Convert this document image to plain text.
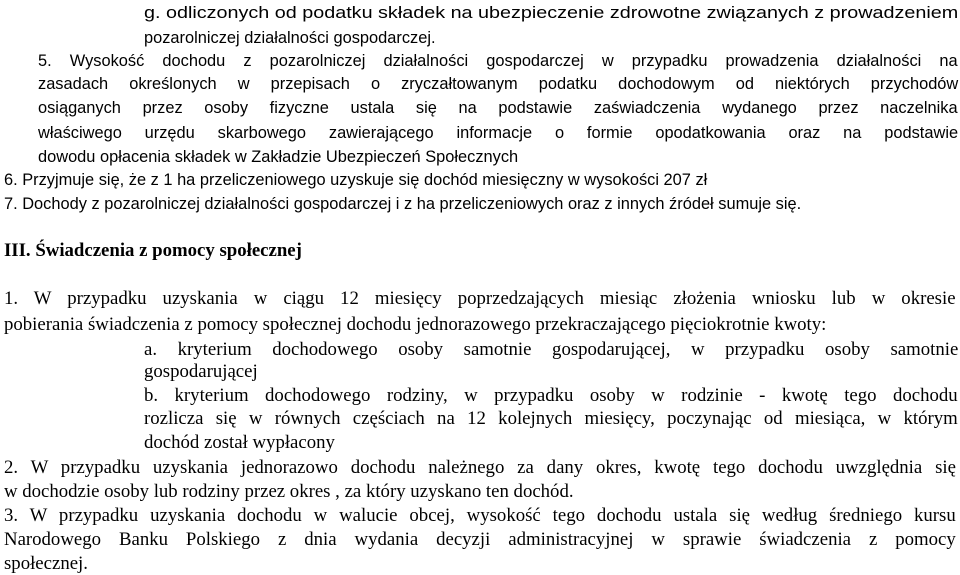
g. odliczonych od podatku składek na ubezpieczenie zdrowotne związanych z prowadzeniem
pozarolniczej działalności gospodarczej.
5. Wysokość dochodu z pozarolniczej działalności gospodarczej w przypadku prowadzenia działalności na
zasadach określonych w przepisach o zryczałtowanym podatku dochodowym od niektórych przychodów
osiąganych przez osoby fizyczne ustala się na podstawie zaświadczenia wydanego przez naczelnika
właściwego urzędu skarbowego zawierającego informacje o formie opodatkowania oraz na podstawie
dowodu opłacenia składek w Zakładzie Ubezpieczeń Społecznych
6. Przyjmuje się, że z 1 ha przeliczeniowego uzyskuje się dochód miesięczny w wysokości 207 zł
7. Dochody z pozarolniczej działalności gospodarczej i z ha przeliczeniowych oraz z innych źródeł sumuje się.
III. Świadczenia z pomocy społecznej
1. W przypadku uzyskania w ciągu 12 miesięcy poprzedzających miesiąc złożenia wniosku lub w okresie
pobierania świadczenia z pomocy społecznej dochodu jednorazowego przekraczającego pięciokrotnie kwoty:
a. kryterium dochodowego osoby samotnie gospodarującej, w przypadku osoby samotnie
gospodarującej
b. kryterium dochodowego rodziny, w przypadku osoby w rodzinie - kwotę tego dochodu
rozlicza się w równych częściach na 12 kolejnych miesięcy, poczynając od miesiąca, w którym
dochód został wypłacony
2. W przypadku uzyskania jednorazowo dochodu należnego za dany okres, kwotę tego dochodu uwzględnia się
w dochodzie osoby lub rodziny przez okres , za który uzyskano ten dochód.
3. W przypadku uzyskania dochodu w walucie obcej, wysokość tego dochodu ustala się według średniego kursu
Narodowego Banku Polskiego z dnia wydania decyzji administracyjnej w sprawie świadczenia z pomocy
społecznej.
